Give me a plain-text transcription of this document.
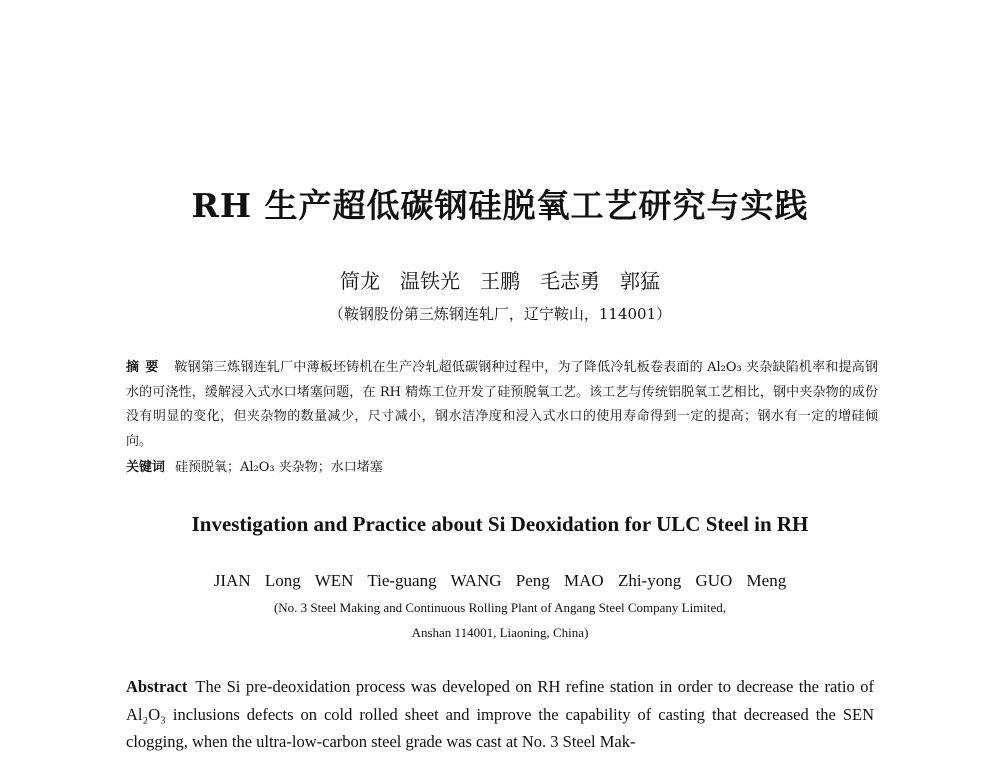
RH 生产超低碳钢硅脱氧工艺研究与实践
简龙　温铁光　王鹏　毛志勇　郭猛
（鞍钢股份第三炼钢连轧厂，辽宁鞍山，114001）
摘要 鞍钢第三炼钢连轧厂中薄板坯铸机在生产冷轧超低碳钢种过程中，为了降低冷轧板卷表面的 Al₂O₃ 夹杂缺陷机率和提高钢水的可浇性，缓解浸入式水口堵塞问题，在 RH 精炼工位开发了硅预脱氧工艺。该工艺与传统铝脱氧工艺相比，钢中夹杂物的成份没有明显的变化，但夹杂物的数量减少，尺寸减小，钢水洁净度和浸入式水口的使用寿命得到一定的提高；钢水有一定的增硅倾向。
关键词 硅预脱氧；Al₂O₃ 夹杂物；水口堵塞
Investigation and Practice about Si Deoxidation for ULC Steel in RH
JIAN Long WEN Tie-guang WANG Peng MAO Zhi-yong GUO Meng
(No. 3 Steel Making and Continuous Rolling Plant of Angang Steel Company Limited,
Anshan 114001, Liaoning, China)
Abstract The Si pre-deoxidation process was developed on RH refine station in order to decrease the ratio of Al₂O₃ inclusions defects on cold rolled sheet and improve the capability of casting that decreased the SEN clogging, when the ultra-low-carbon steel grade was cast at No. 3 Steel Mak-
